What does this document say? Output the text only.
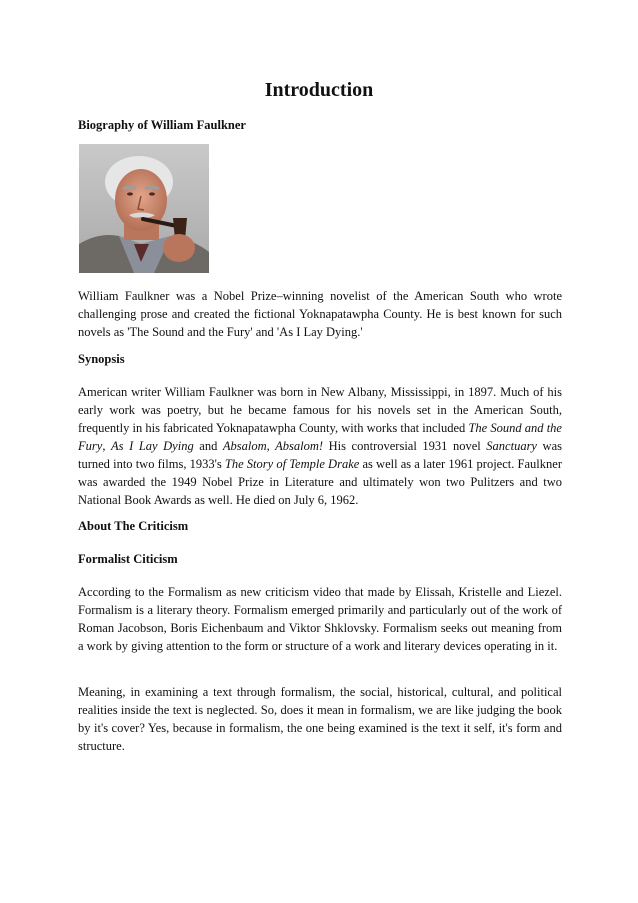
Introduction
Biography of William Faulkner
William Faulkner was a Nobel Prize–winning novelist of the American South who wrote challenging prose and created the fictional Yoknapatawpha County. He is best known for such novels as 'The Sound and the Fury' and 'As I Lay Dying.'
Synopsis
American writer William Faulkner was born in New Albany, Mississippi, in 1897. Much of his early work was poetry, but he became famous for his novels set in the American South, frequently in his fabricated Yoknapatawpha County, with works that included The Sound and the Fury, As I Lay Dying and Absalom, Absalom! His controversial 1931 novel Sanctuary was turned into two films, 1933's The Story of Temple Drake as well as a later 1961 project. Faulkner was awarded the 1949 Nobel Prize in Literature and ultimately won two Pulitzers and two National Book Awards as well. He died on July 6, 1962.
About The Criticism
Formalist Citicism
According to the Formalism as new criticism video that made by Elissah, Kristelle and Liezel. Formalism is a literary theory. Formalism emerged primarily and particularly out of the work of Roman Jacobson, Boris Eichenbaum and Viktor Shklovsky. Formalism seeks out meaning from a work by giving attention to the form or structure of a work and literary devices operating in it.
Meaning, in examining a text through formalism, the social, historical, cultural, and political realities inside the text is neglected. So, does it mean in formalism, we are like judging the book by it's cover? Yes, because in formalism, the one being examined is the text it self, it's form and structure.
